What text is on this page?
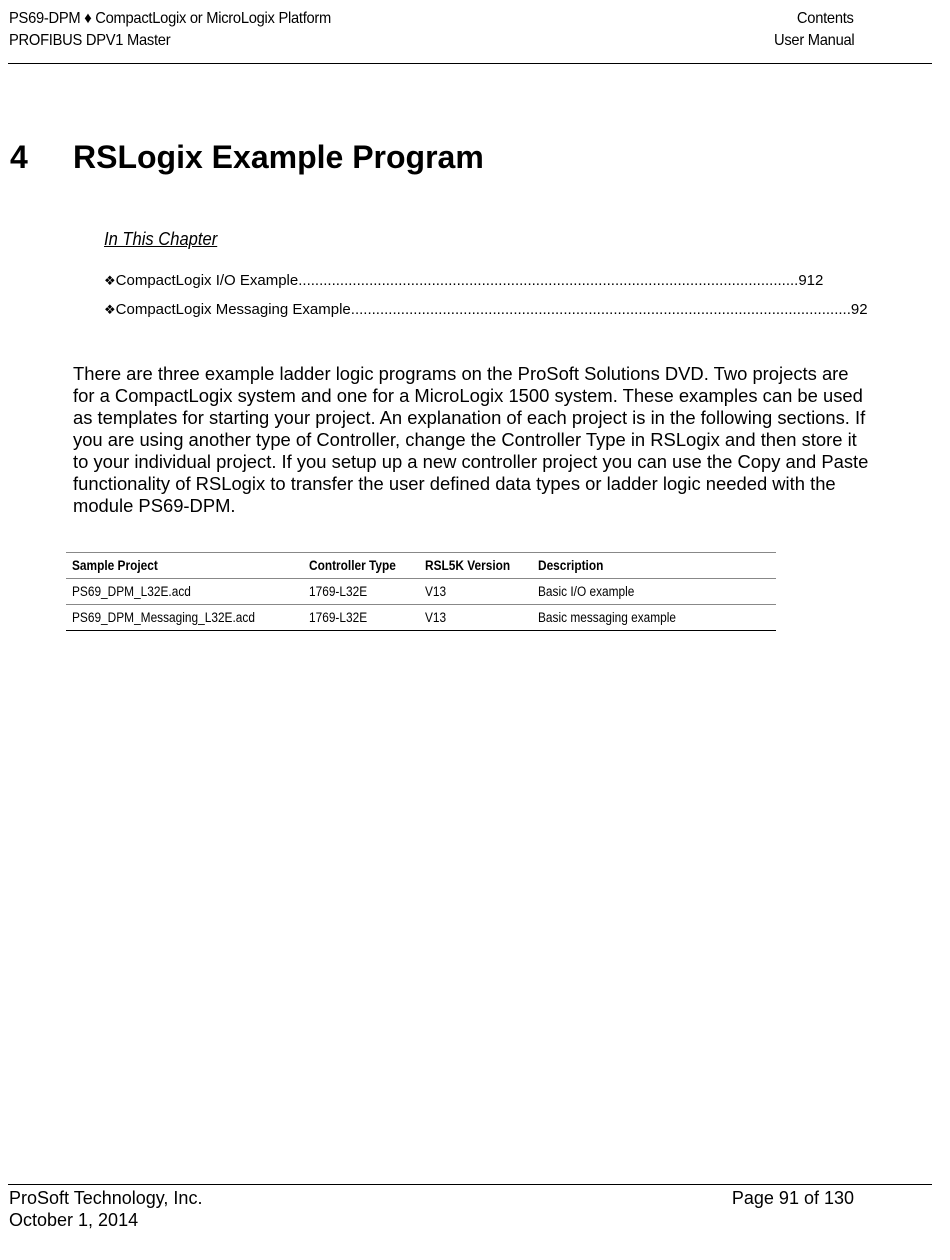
PS69-DPM ♦ CompactLogix or MicroLogix Platform
PROFIBUS DPV1 Master
Contents
User Manual
4 RSLogix Example Program
In This Chapter
❖ CompactLogix I/O Example ........................................................................................................................ 912
❖ CompactLogix Messaging Example ........................................................................................................................ 92

There are three example ladder logic programs on the ProSoft Solutions DVD. Two projects are for a CompactLogix system and one for a MicroLogix 1500 system. These examples can be used as templates for starting your project. An explanation of each project is in the following sections. If you are using another type of Controller, change the Controller Type in RSLogix and then store it to your individual project. If you setup up a new controller project you can use the Copy and Paste functionality of RSLogix to transfer the user defined data types or ladder logic needed with the module PS69-DPM.

Sample Project	Controller Type	RSL5K Version	Description
PS69_DPM_L32E.acd	1769-L32E	V13	Basic I/O example
PS69_DPM_Messaging_L32E.acd	1769-L32E	V13	Basic messaging example
ProSoft Technology, Inc.
October 1, 2014
Page 91 of 130
